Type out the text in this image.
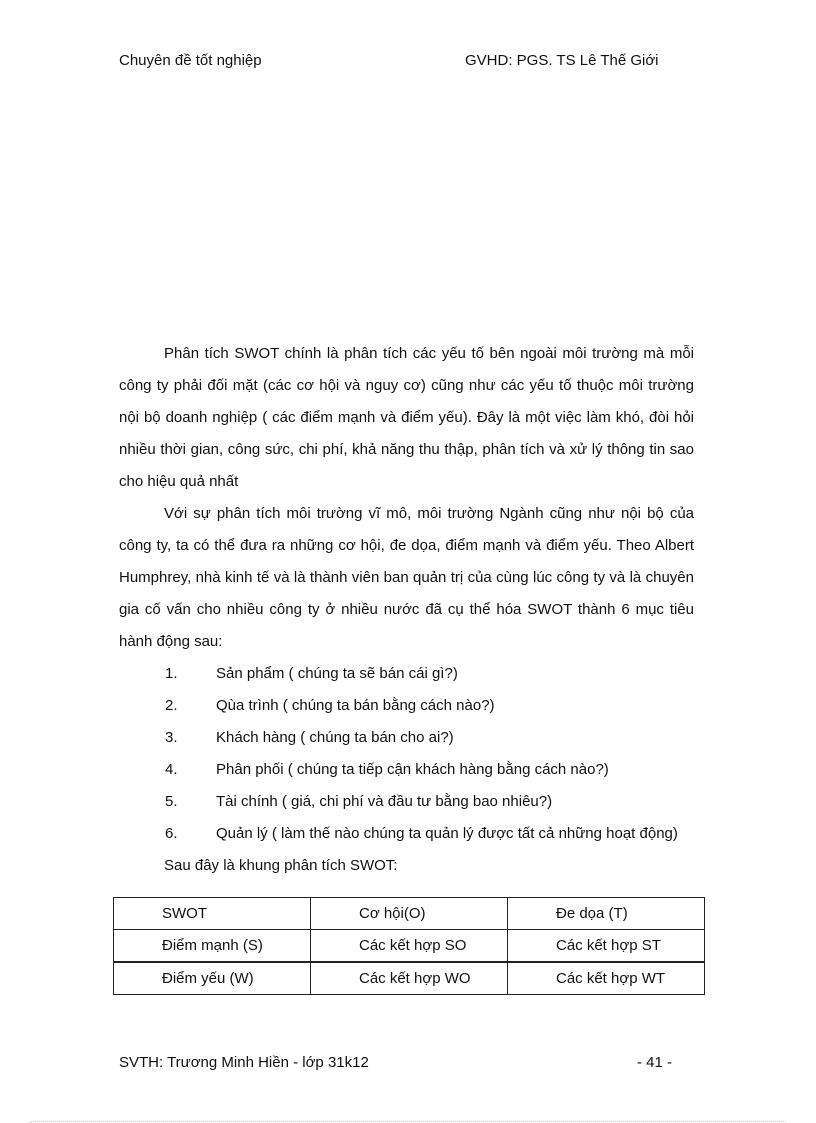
Chuyên đề tốt nghiệp	GVHD: PGS. TS Lê Thế Giới

Phân tích SWOT chính là phân tích các yếu tố bên ngoài môi trường mà mỗi công ty phải đối mặt (các cơ hội và nguy cơ) cũng như các yếu tố thuộc môi trường nội bộ doanh nghiệp ( các điểm mạnh và điểm yếu). Đây là một việc làm khó, đòi hỏi nhiều thời gian, công sức, chi phí, khả năng thu thập, phân tích và xử lý thông tin sao cho hiệu quả nhất

Với sự phân tích môi trường vĩ mô, môi trường Ngành cũng như nội bộ của công ty, ta có thể đưa ra những cơ hội, đe dọa, điểm mạnh và điểm yếu. Theo Albert Humphrey, nhà kinh tế và là thành viên ban quản trị của cùng lúc công ty và là chuyên gia cố vấn cho nhiều công ty ở nhiều nước đã cụ thể hóa SWOT thành 6 mục tiêu hành động sau:

1.	Sản phẩm ( chúng ta sẽ bán cái gì?)
2.	Qùa trình ( chúng ta bán bằng cách nào?)
3.	Khách hàng ( chúng ta bán cho ai?)
4.	Phân phối ( chúng ta tiếp cận khách hàng bằng cách nào?)
5.	Tài chính ( giá, chi phí và đầu tư bằng bao nhiêu?)
6.	Quản lý ( làm thế nào chúng ta quản lý được tất cả những hoạt động)

Sau đây là khung phân tích SWOT:

SWOT	Cơ hội(O)	Đe dọa (T)
Điểm mạnh (S)	Các kết hợp SO	Các kết hợp ST
Điểm yếu (W)	Các kết hợp WO	Các kết hợp WT
SVTH: Trương Minh Hiền - lớp 31k12	- 41 -
